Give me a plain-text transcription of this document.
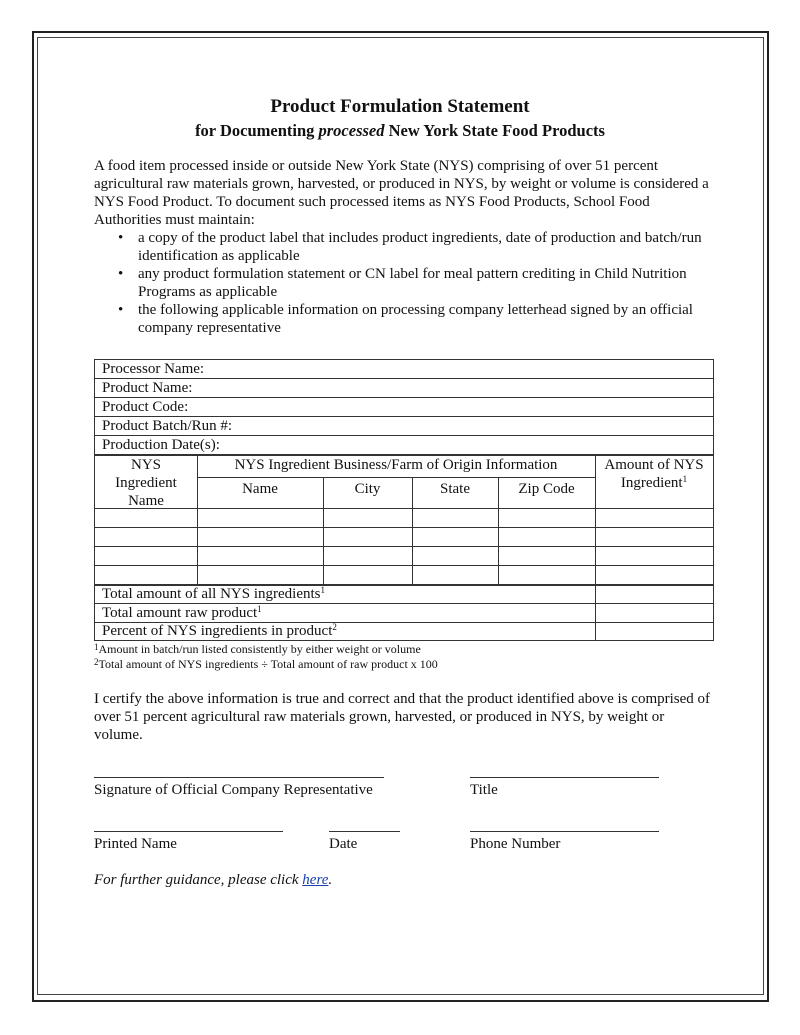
Product Formulation Statement
for Documenting processed New York State Food Products
A food item processed inside or outside New York State (NYS) comprising of over 51 percent agricultural raw materials grown, harvested, or produced in NYS, by weight or volume is considered a NYS Food Product. To document such processed items as NYS Food Products, School Food Authorities must maintain:
• a copy of the product label that includes product ingredients, date of production and batch/run identification as applicable
• any product formulation statement or CN label for meal pattern crediting in Child Nutrition Programs as applicable
• the following applicable information on processing company letterhead signed by an official company representative
Processor Name:
Product Name:
Product Code:
Product Batch/Run #:
Production Date(s):
NYS Ingredient Name
NYS Ingredient Business/Farm of Origin Information
Name	City	State	Zip Code
Amount of NYS Ingredient$^1$
Total amount of all NYS ingredients$^1$
Total amount raw product$^1$
Percent of NYS ingredients in product$^2$
$^1$Amount in batch/run listed consistently by either weight or volume
$^2$Total amount of NYS ingredients ÷ Total amount of raw product x 100
I certify the above information is true and correct and that the product identified above is comprised of over 51 percent agricultural raw materials grown, harvested, or produced in NYS, by weight or volume.
Signature of Official Company Representative	Title
Printed Name	Date	Phone Number
For further guidance, please click here.
